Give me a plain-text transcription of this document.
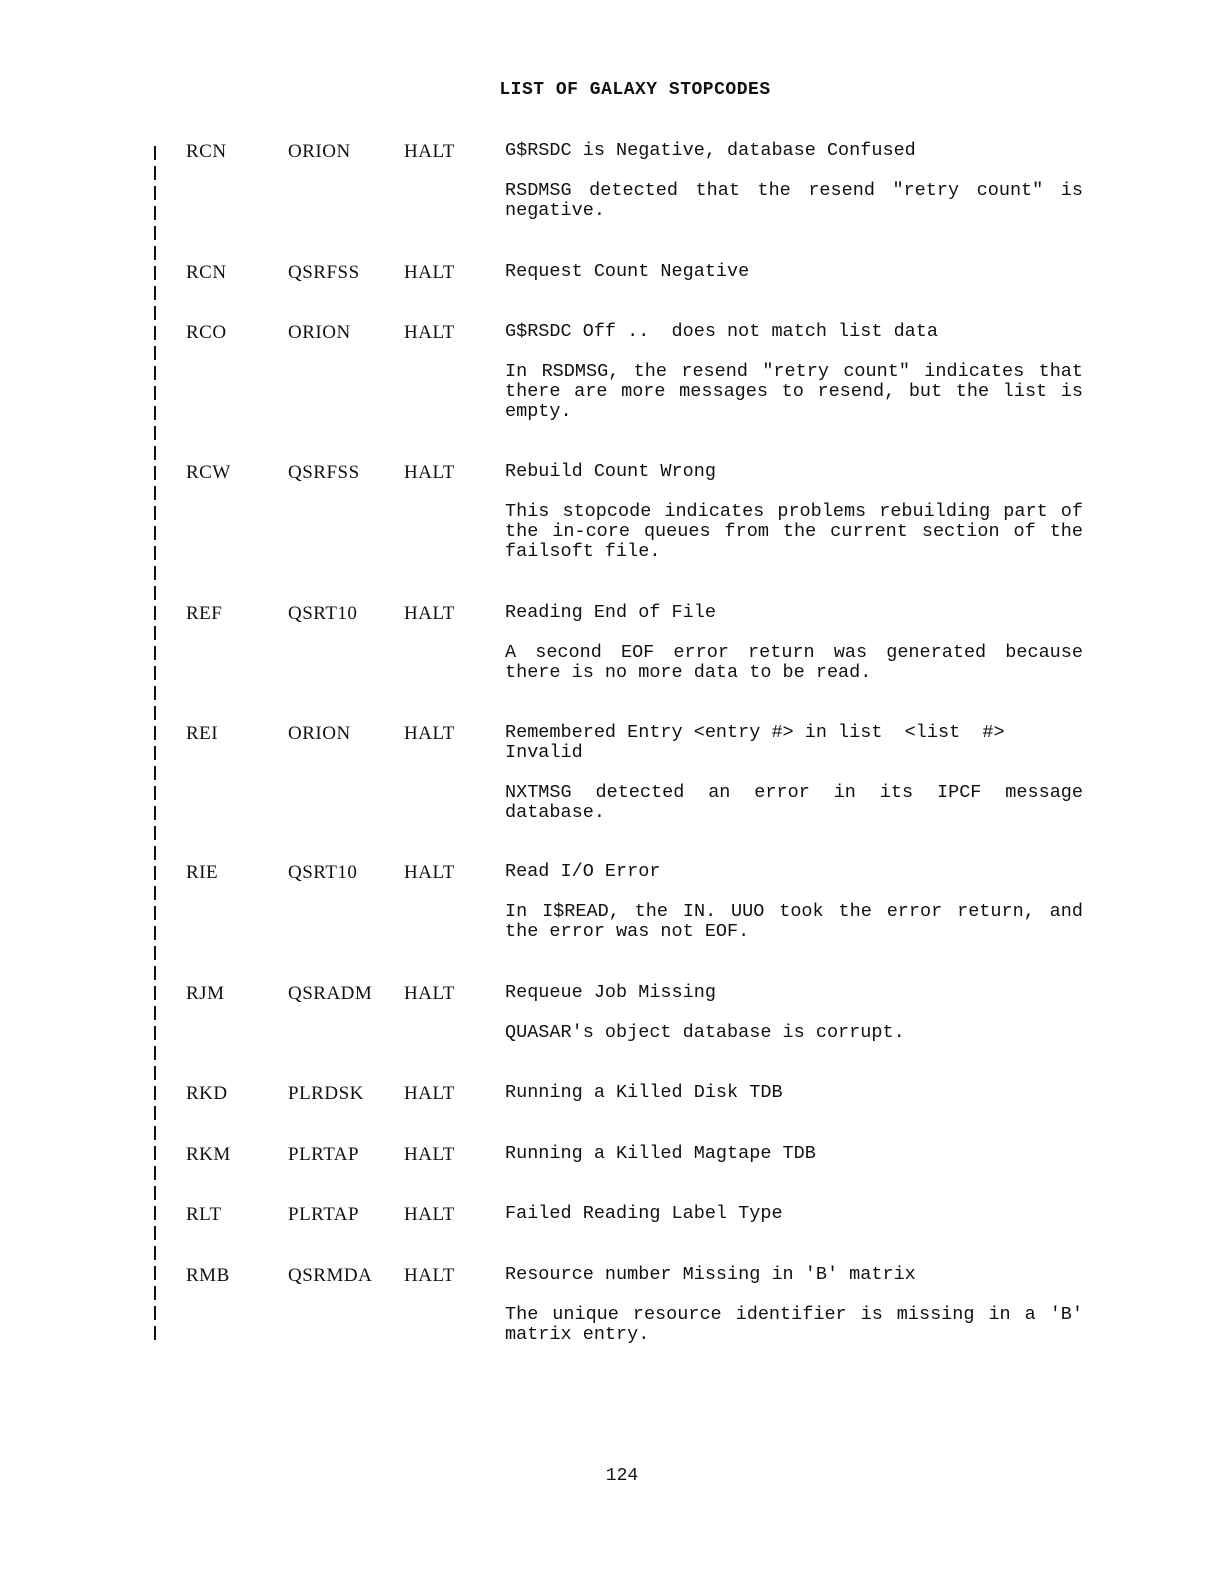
LIST OF GALAXY STOPCODES
RCN	ORION	HALT	G$RSDC is Negative, database Confused

RSDMSG detected that the resend "retry count" is negative.

RCN	QSRFSS HALT	Request Count Negative

RCO	ORION	HALT	G$RSDC Off ..  does not match list data

In RSDMSG, the resend "retry count" indicates that there are more messages to resend, but the list is empty.

RCW	QSRFSS HALT	Rebuild Count Wrong

This stopcode indicates problems rebuilding part of the in-core queues from the current section of the failsoft file.

REF	QSRT10 HALT	Reading End of File

A second EOF error return was generated because there is no more data to be read.

REI	ORION	HALT	Remembered Entry <entry #> in list  <list  #> Invalid

NXTMSG detected an error in its IPCF message database.

RIE	QSRT10 HALT	Read I/O Error

In I$READ, the IN. UUO took the error return, and the error was not EOF.

RJM	QSRADM HALT	Requeue Job Missing

QUASAR's object database is corrupt.

RKD	PLRDSK HALT	Running a Killed Disk TDB

RKM	PLRTAP HALT	Running a Killed Magtape TDB

RLT	PLRTAP HALT	Failed Reading Label Type

RMB	QSRMDA HALT	Resource number Missing in 'B' matrix

The unique resource identifier is missing in a 'B' matrix entry.

124
